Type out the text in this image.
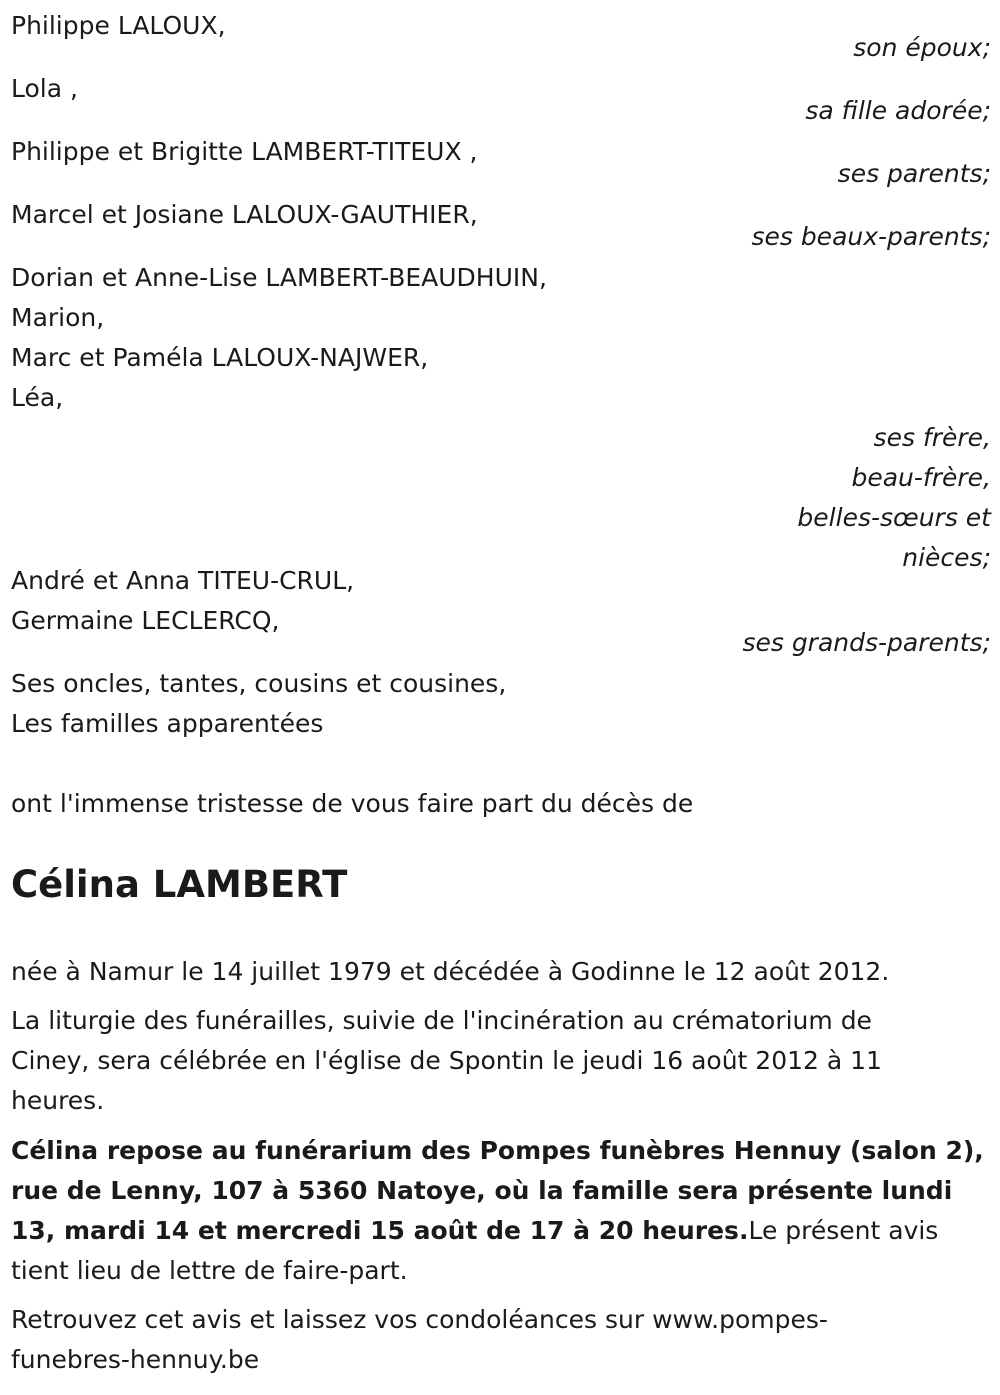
Philippe LALOUX,
son époux;
Lola ,
sa fille adorée;
Philippe et Brigitte LAMBERT-TITEUX ,
ses parents;
Marcel et Josiane LALOUX-GAUTHIER,
ses beaux-parents;
Dorian et Anne-Lise LAMBERT-BEAUDHUIN,
Marion,
Marc et Paméla LALOUX-NAJWER,
Léa,
ses frère,
beau-frère,
belles-sœurs et
nièces;
André et Anna TITEU-CRUL,
Germaine LECLERCQ,
ses grands-parents;
Ses oncles, tantes, cousins et cousines,
Les familles apparentées
ont l'immense tristesse de vous faire part du décès de
Célina LAMBERT
née à Namur le 14 juillet 1979 et décédée à Godinne le 12 août 2012.
La liturgie des funérailles, suivie de l'incinération au crématorium de Ciney, sera célébrée en l'église de Spontin le jeudi 16 août 2012 à 11 heures.
Célina repose au funérarium des Pompes funèbres Hennuy (salon 2), rue de Lenny, 107 à 5360 Natoye, où la famille sera présente lundi 13, mardi 14 et mercredi 15 août de 17 à 20 heures.Le présent avis tient lieu de lettre de faire-part.
Retrouvez cet avis et laissez vos condoléances sur www.pompes-funebres-hennuy.be
